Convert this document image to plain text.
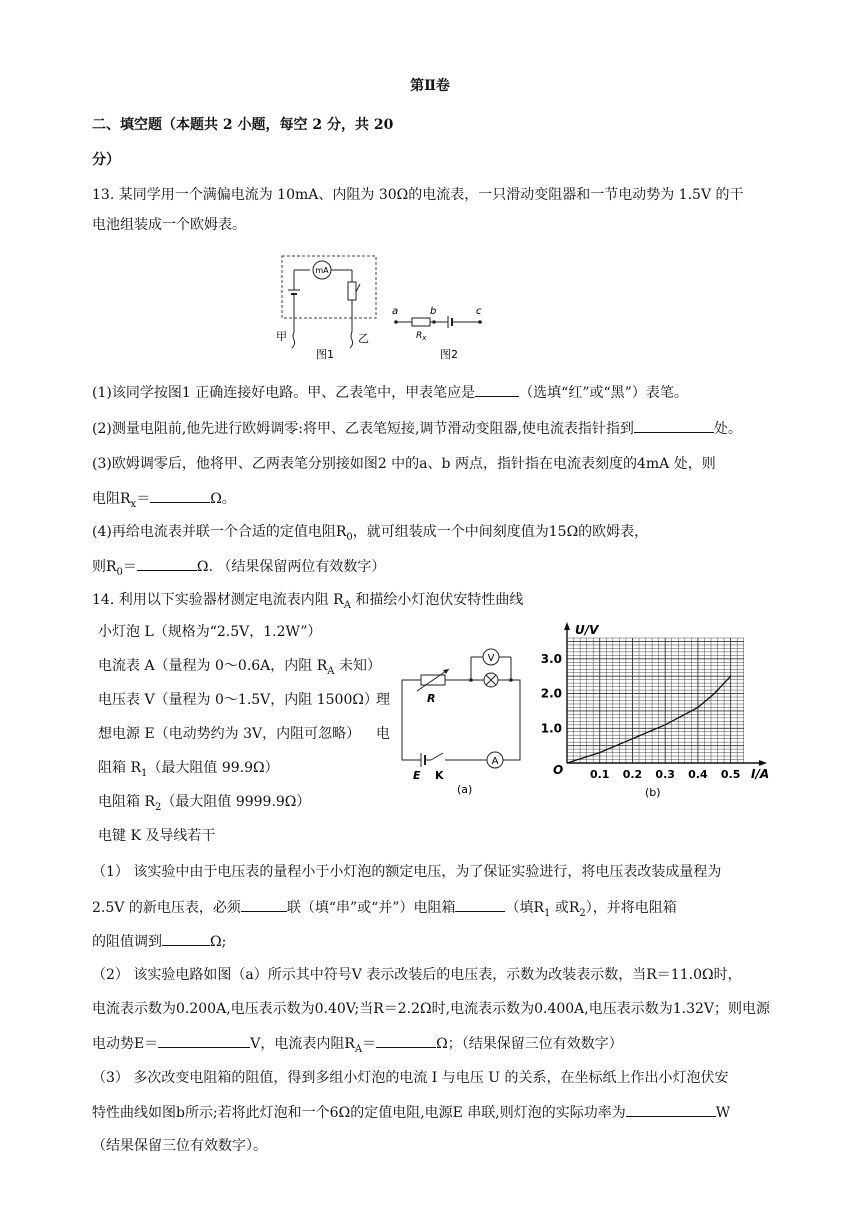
第Ⅱ卷
二、填空题（本题共 2 小题，每空 2 分，共 20
分）
13. 某同学用一个满偏电流为 10mA、内阻为 30Ω的电流表，一只滑动变阻器和一节电动势为 1.5V 的干
电池组装成一个欧姆表。
mA
甲	乙
图1
a	b	c
$R_x$
图2
(1)该同学按图1 正确连接好电路。甲、乙表笔中，甲表笔应是	（选填“红”或“黑”）表笔。
(2)测量电阻前,他先进行欧姆调零:将甲、乙表笔短接,调节滑动变阻器,使电流表指针指到	处。
(3)欧姆调零后，他将甲、乙两表笔分别接如图2 中的a、b 两点，指针指在电流表刻度的4mA 处，则
电阻$R_x=$	Ω。
(4)再给电流表并联一个合适的定值电阻$R_0$，就可组装成一个中间刻度值为15Ω的欧姆表，
则$R_0=$	Ω. （结果保留两位有效数字）
14. 利用以下实验器材测定电流表内阻 $R_A$ 和描绘小灯泡伏安特性曲线
小灯泡 L（规格为“2.5V，1.2W”）
电流表 A（量程为 0～0.6A，内阻 $R_A$ 未知）
电压表 V（量程为 0～1.5V，内阻 1500Ω）
理
想电源 E（电动势约为 3V，内阻可忽略） 电
阻箱 $R_1$（最大阻值 99.9Ω）
电阻箱 $R_2$（最大阻值 9999.9Ω）
电键 K 及导线若干
R
V
A
E K
(a)
U/V
I/A
O
1.0
2.0
3.0
0.1 0.2 0.3 0.4 0.5
(b)
（1） 该实验中由于电压表的量程小于小灯泡的额定电压，为了保证实验进行，将电压表改装成量程为
2.5V 的新电压表，必须	联（填“串”或“并”）电阻箱	（填$R_1$ 或$R_2$），并将电阻箱
的阻值调到	Ω;
（2） 该实验电路如图（a）所示其中符号V 表示改装后的电压表，示数为改装表示数，当R＝11.0Ω时，
电流表示数为0.200A,电压表示数为0.40V;当R＝2.2Ω时,电流表示数为0.400A,电压表示数为1.32V；则电源
电动势E＝	V，电流表内阻$R_A=$	Ω；（结果保留三位有效数字）
（3） 多次改变电阻箱的阻值，得到多组小灯泡的电流 I 与电压 U 的关系，在坐标纸上作出小灯泡伏安
特性曲线如图b所示;若将此灯泡和一个6Ω的定值电阻,电源E 串联,则灯泡的实际功率为	W
（结果保留三位有效数字）。
